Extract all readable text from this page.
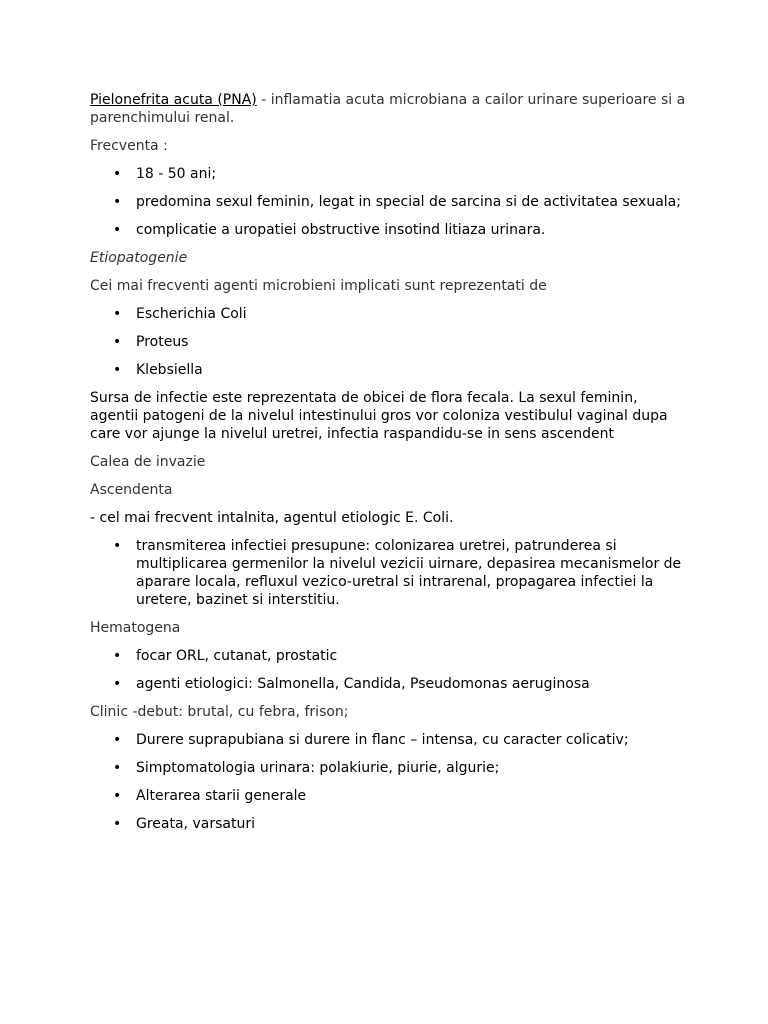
Pielonefrita acuta (PNA) - inflamatia acuta microbiana a cailor urinare superioare si a parenchimului renal.

Frecventa :

• 18 - 50 ani;
• predomina sexul feminin, legat in special de sarcina si de activitatea sexuala;
• complicatie a uropatiei obstructive insotind litiaza urinara.

Etiopatogenie

Cei mai frecventi agenti microbieni implicati sunt reprezentati de

• Escherichia Coli
• Proteus
• Klebsiella

Sursa de infectie este reprezentata de obicei de flora fecala. La sexul feminin, agentii patogeni de la nivelul intestinului gros vor coloniza vestibulul vaginal dupa care vor ajunge la nivelul uretrei, infectia raspandidu-se in sens ascendent

Calea de invazie

Ascendenta

- cel mai frecvent intalnita, agentul etiologic E. Coli.

• transmiterea infectiei presupune: colonizarea uretrei, patrunderea si multiplicarea germenilor la nivelul vezicii uirnare, depasirea mecanismelor de aparare locala, refluxul vezico-uretral si intrarenal, propagarea infectiei la uretere, bazinet si interstitiu.

Hematogena

• focar ORL, cutanat, prostatic
• agenti etiologici: Salmonella, Candida, Pseudomonas aeruginosa

Clinic -debut: brutal, cu febra, frison;

• Durere suprapubiana si durere in flanc – intensa, cu caracter colicativ;
• Simptomatologia urinara: polakiurie, piurie, algurie;
• Alterarea starii generale
• Greata, varsaturi
